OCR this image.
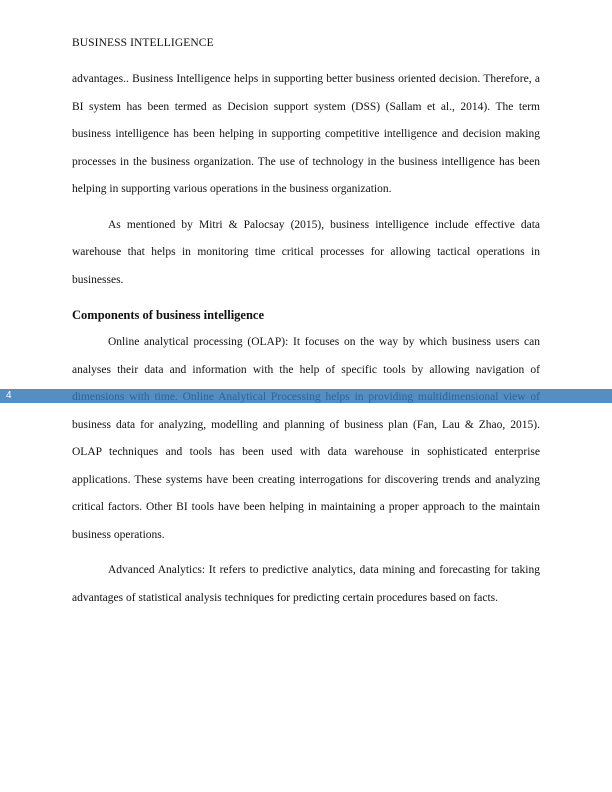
BUSINESS INTELLIGENCE

advantages.. Business Intelligence helps in supporting better business oriented decision. Therefore, a BI system has been termed as Decision support system (DSS) (Sallam et al., 2014). The term business intelligence has been helping in supporting competitive intelligence and decision making processes in the business organization. The use of technology in the business intelligence has been helping in supporting various operations in the business organization.

As mentioned by Mitri & Palocsay (2015), business intelligence include effective data warehouse that helps in monitoring time critical processes for allowing tactical operations in businesses.

Components of business intelligence

Online analytical processing (OLAP): It focuses on the way by which business users can analyses their data and information with the help of specific tools by allowing navigation of business data for analyzing, modelling and planning of business plan (Fan, Lau & Zhao, 2015). OLAP techniques and tools has been used with data warehouse in sophisticated enterprise applications. These systems have been creating interrogations for discovering trends and analyzing critical factors. Other BI tools have been helping in maintaining a proper approach to the maintain business operations.

Advanced Analytics: It refers to predictive analytics, data mining and forecasting for taking advantages of statistical analysis techniques for predicting certain procedures based on facts.

4
